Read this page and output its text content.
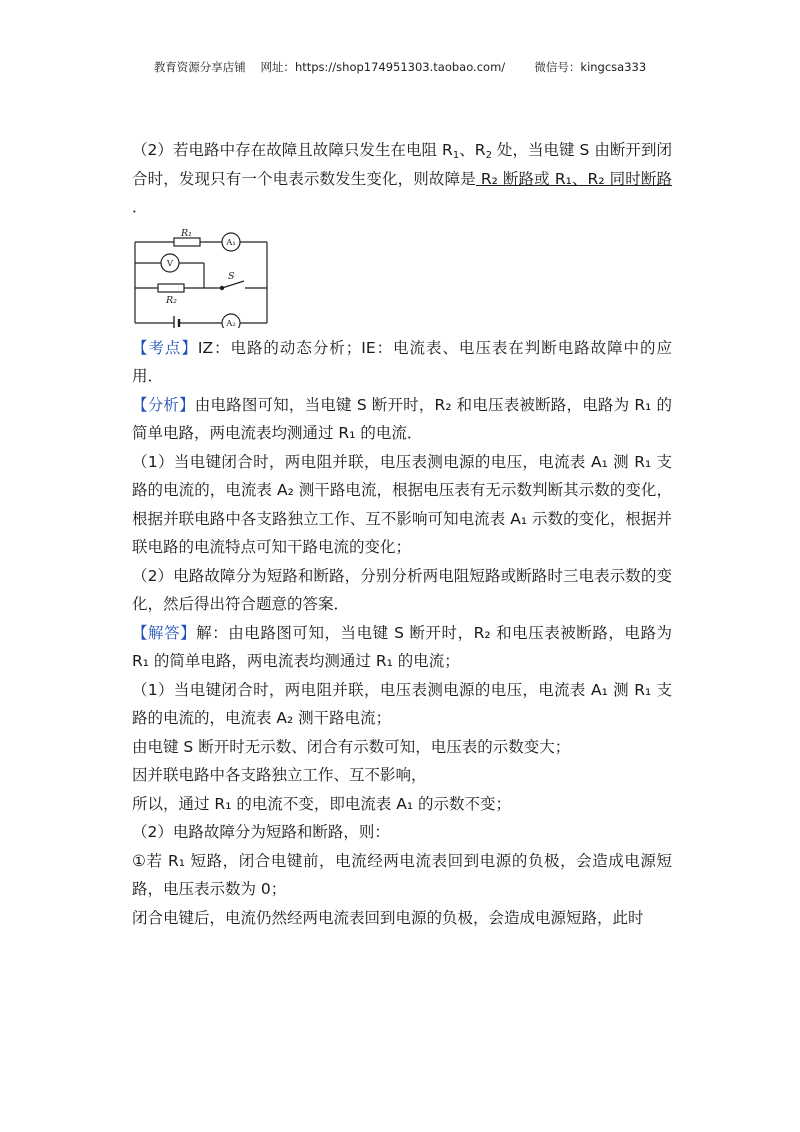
教育资源分享店铺 网址：https://shop174951303.taobao.com/	微信号：kingcsa333

（2）若电路中存在故障且故障只发生在电阻 $R_1$、$R_2$ 处，当电键 S 由断开到闭合时，发现只有一个电表示数发生变化，则故障是 R₂ 断路或 R₁、R₂ 同时断路 ．

R₁
R₂
S
A₁
V
A₂

【考点】IZ：电路的动态分析；IE：电流表、电压表在判断电路故障中的应用．

【分析】由电路图可知，当电键 S 断开时，R₂ 和电压表被断路，电路为 R₁ 的简单电路，两电流表均测通过 R₁ 的电流．

（1）当电键闭合时，两电阻并联，电压表测电源的电压，电流表 A₁ 测 R₁ 支路的电流的，电流表 A₂ 测干路电流，根据电压表有无示数判断其示数的变化，根据并联电路中各支路独立工作、互不影响可知电流表 A₁ 示数的变化，根据并联电路的电流特点可知干路电流的变化；

（2）电路故障分为短路和断路，分别分析两电阻短路或断路时三电表示数的变化，然后得出符合题意的答案．

【解答】解：由电路图可知，当电键 S 断开时，R₂ 和电压表被断路，电路为 R₁ 的简单电路，两电流表均测通过 R₁ 的电流；

（1）当电键闭合时，两电阻并联，电压表测电源的电压，电流表 A₁ 测 R₁ 支路的电流的，电流表 A₂ 测干路电流；

由电键 S 断开时无示数、闭合有示数可知，电压表的示数变大；

因并联电路中各支路独立工作、互不影响，

所以，通过 R₁ 的电流不变，即电流表 A₁ 的示数不变；

（2）电路故障分为短路和断路，则：

①若 R₁ 短路，闭合电键前，电流经两电流表回到电源的负极，会造成电源短路，电压表示数为 0；

闭合电键后，电流仍然经两电流表回到电源的负极，会造成电源短路，此时
